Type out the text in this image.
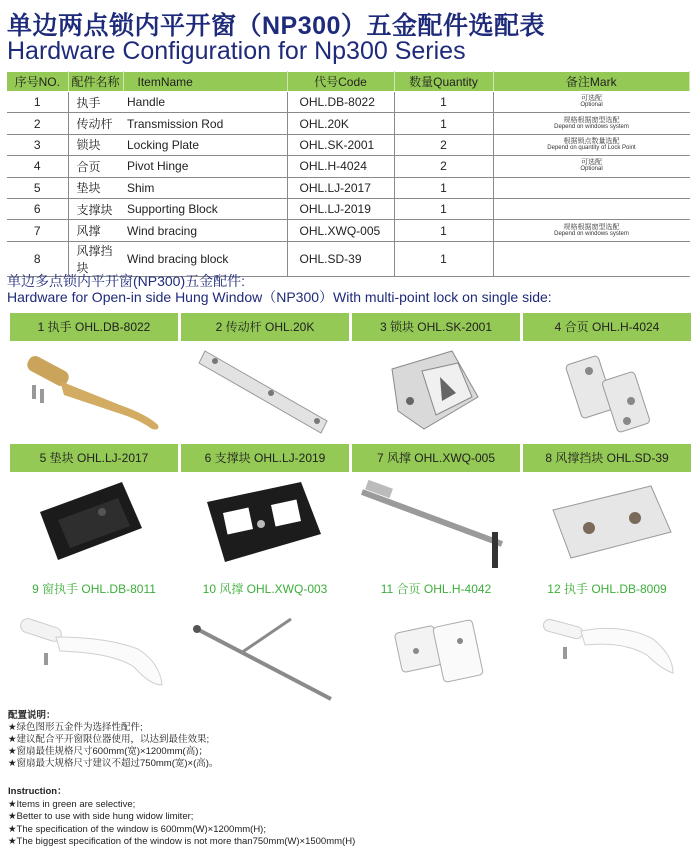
单边两点锁内平开窗（NP300）五金配件选配表
Hardware Configuration for Np300 Series
序号NO.	配件名称	ItemName	代号Code	数量Quantity	备注Mark
1	执手	Handle	OHL.DB-8022	1	可选配
Optional

2	传动杆	Transmission Rod	OHL.20K	1	规格根据窗型选配
Depend on windows system

3	锁块	Locking Plate	OHL.SK-2001	2	根据锁点数量选配
Depend on quantity of Lock Point

4	合页	Pivot Hinge	OHL.H-4024	2	可选配
Optional

5	垫块	Shim	OHL.LJ-2017	1	

6	支撑块	Supporting Block	OHL.LJ-2019	1	

7	风撑	Wind bracing	OHL.XWQ-005	1	规格根据窗型选配
Depend on windows system

8	风撑挡块	Wind bracing block	OHL.SD-39	1	
单边多点锁内平开窗(NP300)五金配件:
Hardware for Open-in side Hung Window（NP300）With multi-point lock on single side:
1 执手 OHL.DB-8022	2 传动杆 OHL.20K	3 锁块 OHL.SK-2001	4 合页 OHL.H-4024
5 垫块 OHL.LJ-2017	6 支撑块 OHL.LJ-2019	7 风撑 OHL.XWQ-005	8 风撑挡块 OHL.SD-39
9 窗执手 OHL.DB-8011	10 风撑 OHL.XWQ-003	11 合页 OHL.H-4042	12 执手 OHL.DB-8009
配置说明：
★绿色图形五金件为选择性配件;
★建议配合平开窗限位器使用，以达到最佳效果;
★窗扇最佳规格尺寸600mm(宽)×1200mm(高)；
★窗扇最大规格尺寸建议不超过750mm(宽)×(高)。
Instruction：
★Items in green are selective;
★Better to use with side hung widow limiter;
★The specification of the window is 600mm(W)×1200mm(H);
★The biggest specification of the window is not more than750mm(W)×1500mm(H)
